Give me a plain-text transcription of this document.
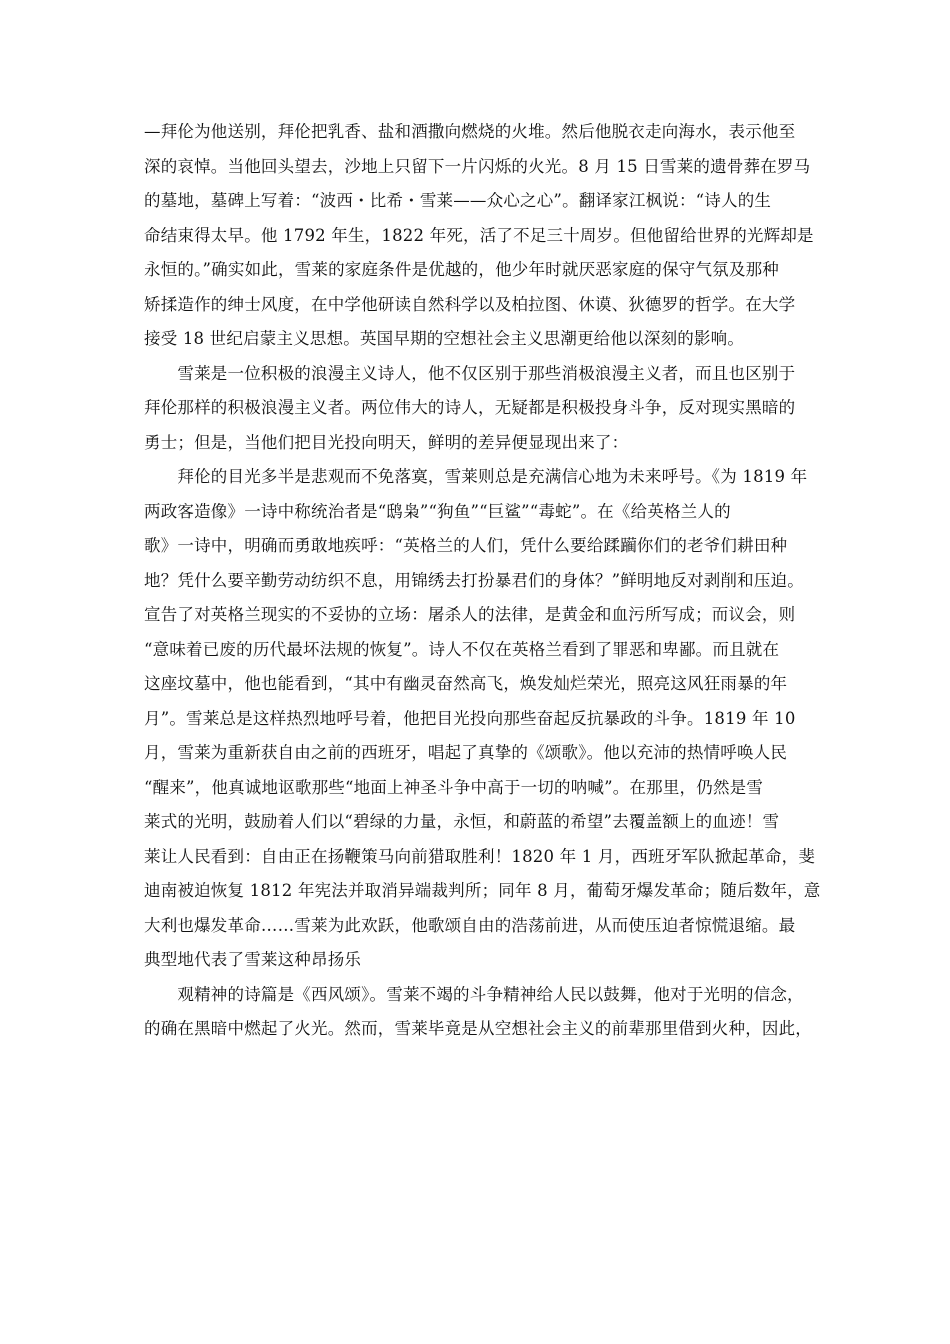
—拜伦为他送别，拜伦把乳香、盐和酒撒向燃烧的火堆。然后他脱衣走向海水，表示他至
深的哀悼。当他回头望去，沙地上只留下一片闪烁的火光。8 月 15 日雪莱的遗骨葬在罗马
的墓地，墓碑上写着：“波西・比希・雪莱——众心之心”。翻译家江枫说：“诗人的生
命结束得太早。他 1792 年生，1822 年死，活了不足三十周岁。但他留给世界的光辉却是
永恒的。”确实如此，雪莱的家庭条件是优越的，他少年时就厌恶家庭的保守气氛及那种
矫揉造作的绅士风度，在中学他研读自然科学以及柏拉图、休谟、狄德罗的哲学。在大学
接受 18 世纪启蒙主义思想。英国早期的空想社会主义思潮更给他以深刻的影响。
　　雪莱是一位积极的浪漫主义诗人，他不仅区别于那些消极浪漫主义者，而且也区别于
拜伦那样的积极浪漫主义者。两位伟大的诗人，无疑都是积极投身斗争，反对现实黑暗的
勇士；但是，当他们把目光投向明天，鲜明的差异便显现出来了：
　　拜伦的目光多半是悲观而不免落寞，雪莱则总是充满信心地为未来呼号。《为 1819 年
两政客造像》一诗中称统治者是“鸱枭”“狗鱼”“巨鲨”“毒蛇”。在《给英格兰人的
歌》一诗中，明确而勇敢地疾呼：“英格兰的人们，凭什么要给蹂躏你们的老爷们耕田种
地？凭什么要辛勤劳动纺织不息，用锦绣去打扮暴君们的身体？”鲜明地反对剥削和压迫。
宣告了对英格兰现实的不妥协的立场：屠杀人的法律，是黄金和血污所写成；而议会，则
“意味着已废的历代最坏法规的恢复”。诗人不仅在英格兰看到了罪恶和卑鄙。而且就在
这座坟墓中，他也能看到，“其中有幽灵奋然高飞，焕发灿烂荣光，照亮这风狂雨暴的年
月”。雪莱总是这样热烈地呼号着，他把目光投向那些奋起反抗暴政的斗争。1819 年 10
月，雪莱为重新获自由之前的西班牙，唱起了真挚的《颂歌》。他以充沛的热情呼唤人民
“醒来”，他真诚地讴歌那些“地面上神圣斗争中高于一切的呐喊”。在那里，仍然是雪
莱式的光明，鼓励着人们以“碧绿的力量，永恒，和蔚蓝的希望”去覆盖额上的血迹！雪
莱让人民看到：自由正在扬鞭策马向前猎取胜利！1820 年 1 月，西班牙军队掀起革命，斐
迪南被迫恢复 1812 年宪法并取消异端裁判所；同年 8 月，葡萄牙爆发革命；随后数年，意
大利也爆发革命……雪莱为此欢跃，他歌颂自由的浩荡前进，从而使压迫者惊慌退缩。最
典型地代表了雪莱这种昂扬乐
　　观精神的诗篇是《西风颂》。雪莱不竭的斗争精神给人民以鼓舞，他对于光明的信念，
的确在黑暗中燃起了火光。然而，雪莱毕竟是从空想社会主义的前辈那里借到火种，因此，
